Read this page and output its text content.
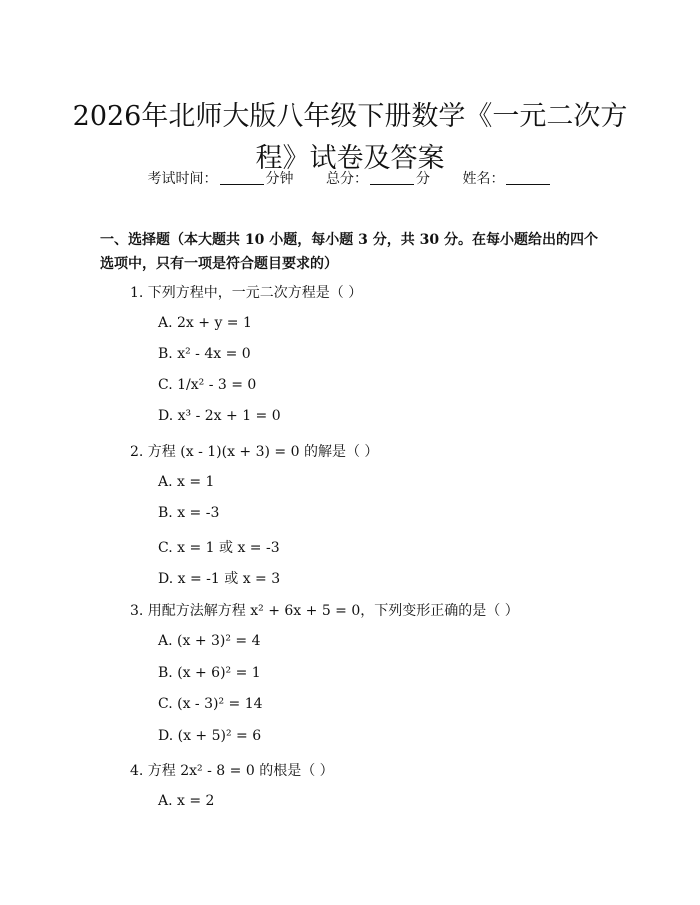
2026年北师大版八年级下册数学《一元二次方程》试卷及答案
考试时间：	分钟 总分：	分 姓名：
一、选择题（本大题共 10 小题，每小题 3 分，共 30 分。在每小题给出的四个选项中，只有一项是符合题目要求的）
1. 下列方程中，一元二次方程是（ ）
A. 2x + y = 1
B. x² - 4x = 0
C. 1/x² - 3 = 0
D. x³ - 2x + 1 = 0
2. 方程 (x - 1)(x + 3) = 0 的解是（ ）
A. x = 1
B. x = -3
C. x = 1 或 x = -3
D. x = -1 或 x = 3
3. 用配方法解方程 x² + 6x + 5 = 0，下列变形正确的是（ ）
A. (x + 3)² = 4
B. (x + 6)² = 1
C. (x - 3)² = 14
D. (x + 5)² = 6
4. 方程 2x² - 8 = 0 的根是（ ）
A. x = 2
